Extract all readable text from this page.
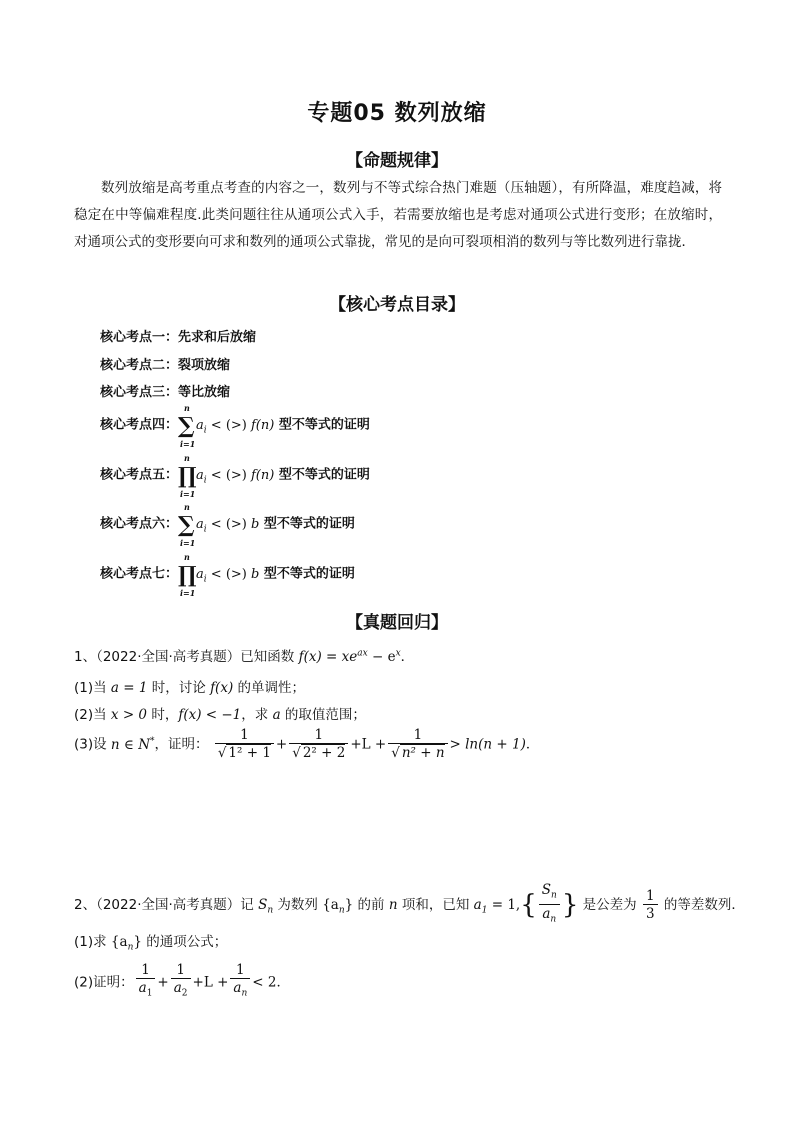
专题05 数列放缩
【命题规律】
数列放缩是高考重点考查的内容之一，数列与不等式综合热门难题（压轴题），有所降温，难度趋减，将稳定在中等偏难程度.此类问题往往从通项公式入手，若需要放缩也是考虑对通项公式进行变形；在放缩时，对通项公式的变形要向可求和数列的通项公式靠拢，常见的是向可裂项相消的数列与等比数列进行靠拢．
【核心考点目录】
核心考点一：先求和后放缩
核心考点二：裂项放缩
核心考点三：等比放缩
核心考点四：
n
∑
i=1
$a_i$ < (>) f(n) 型不等式的证明
核心考点五：
n
∏
i=1
$a_i$ < (>) f(n) 型不等式的证明
核心考点六：
n
∑
i=1
$a_i$ < (>) b 型不等式的证明
核心考点七：
n
∏
i=1
$a_i$ < (>) b 型不等式的证明
【真题回归】
1、（2022·全国·高考真题）已知函数 $f(x) = xe^{ax} - e^x$．
(1)当 a = 1 时，讨论 f(x) 的单调性；
(2)当 x > 0 时，f(x) < −1，求 a 的取值范围；
(3)设 n ∈ N*，证明： $\frac{1}{\text{√ 1² + 1}} + \frac{1}{\text{√ 2² + 2}} +L + \frac{1}{\text{√ n² + n}} > \ln(n + 1)$．
2、（2022·全国·高考真题）记 $S_n$ 为数列 $\{a_n\}$ 的前 n 项和，已知 $a_1 = 1,\{ \frac{S_n}{a_n}$ } 是公差为 $\frac{1}{3}$ 的等差数列．
(1)求 $\{a_n\}$ 的通项公式；
(2)证明： $\frac{1}{a_1} + \frac{1}{a_2} +L + \frac{1}{a_n} < 2$．
